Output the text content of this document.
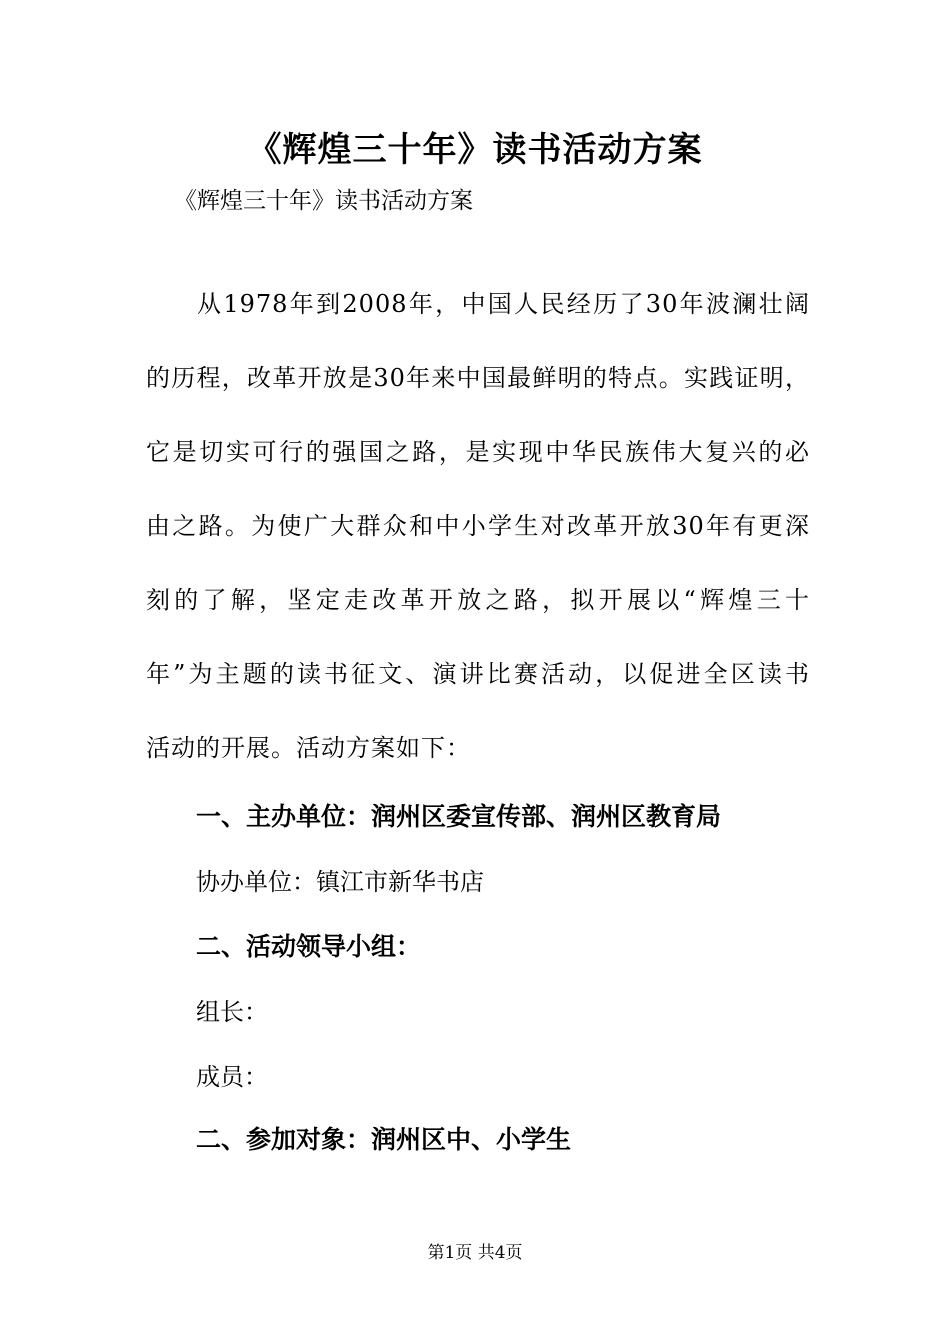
《辉煌三十年》读书活动方案
《辉煌三十年》读书活动方案
从1978年到2008年，中国人民经历了30年波澜壮阔
的历程，改革开放是30年来中国最鲜明的特点。实践证明，
它是切实可行的强国之路，是实现中华民族伟大复兴的必
由之路。为使广大群众和中小学生对改革开放30年有更深
刻的了解，坚定走改革开放之路，拟开展以“辉煌三十
年”为主题的读书征文、演讲比赛活动，以促进全区读书
活动的开展。活动方案如下：
一、主办单位：润州区委宣传部、润州区教育局
协办单位：镇江市新华书店
二、活动领导小组：
组长：
成员：
二、参加对象：润州区中、小学生
第1页 共4页
